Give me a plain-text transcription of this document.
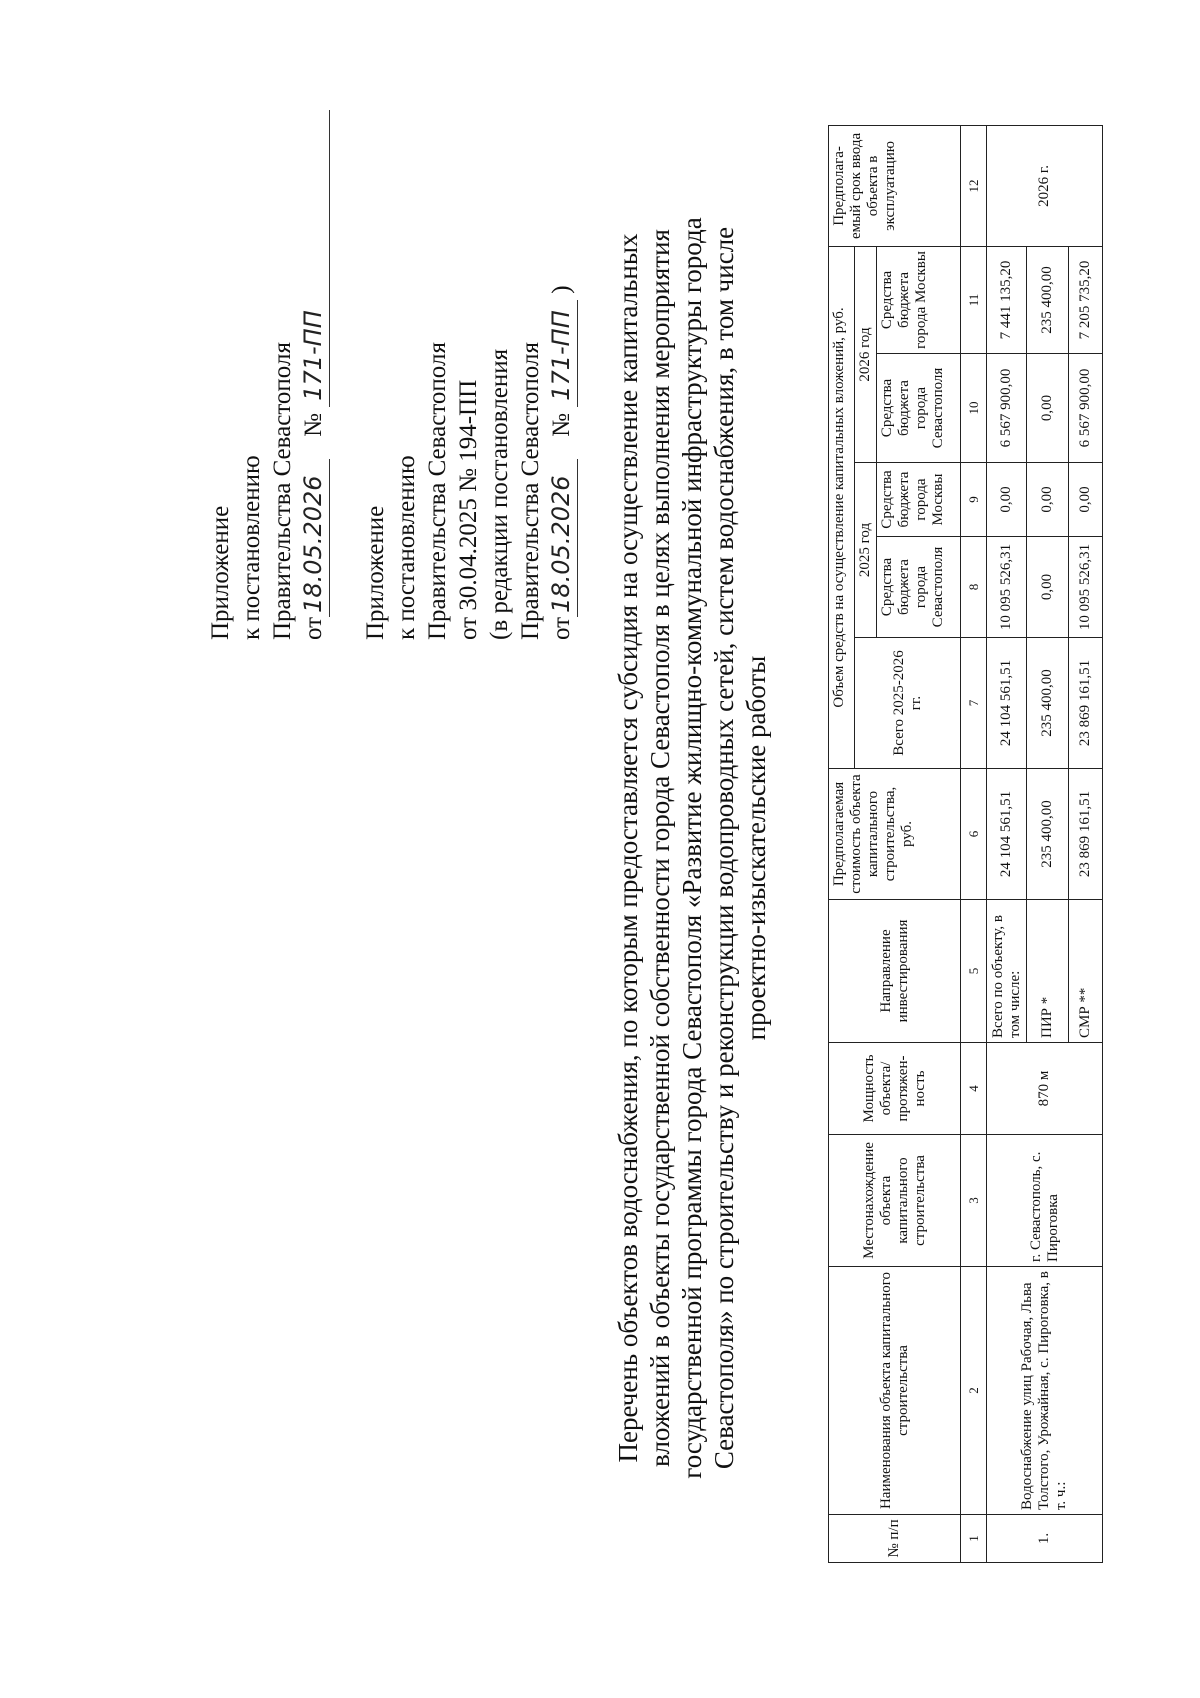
Приложение к постановлению Правительства Севастополя от18.05.2026№ 171-ПП
Приложение к постановлению Правительства Севастополя от 30.04.2025 № 194-ПП (в редакции постановления Правительства Севастополя от18.05.2026№ 171-ПП) Перечень объектов водоснабжения, по которым предоставляется субсидия на осуществление капитальных вложений в объекты государственной собственности города Севастополя в целях выполнения мероприятия государственной программы города Севастополя «Развитие жилищно-коммунальной инфраструктуры города Севастополя» по строительству и реконструкции водопроводных сетей, систем водоснабжения, в том числе проектно-изыскательские работы
№ п/п	Наименования объекта капитального строительства	Местонахождение объекта капитального строительства	Мощность объекта/ протяжен-ность	Направление инвестирования	Предполагаемая стоимость объекта капитального строительства, руб.	Объем средств на осуществление капитальных вложений, руб.					Предполага-емый срок ввода объекта в эксплуатацию
						Всего 2025-2026 гг.	2025 год		2026 год		
							Средства бюджета города Севастополя	Средства бюджета города Москвы	Средства бюджета города Севастополя	Средства бюджета города Москвы	
1	2	3	4	5	6	7	8	9	10	11	12
1.	Водоснабжение улиц Рабочая, Льва Толстого, Урожайная, с. Пироговка, в т. ч.:	г. Севастополь, с. Пироговка	870 м	Всего по объекту, в том числе:	24 104 561,51	24 104 561,51	10 095 526,31	0,00	6 567 900,00	7 441 135,20	2026 г.
				ПИР *	235 400,00	235 400,00	0,00	0,00	0,00	235 400,00	
				СМР **	23 869 161,51	23 869 161,51	10 095 526,31	0,00	6 567 900,00	7 205 735,20	
